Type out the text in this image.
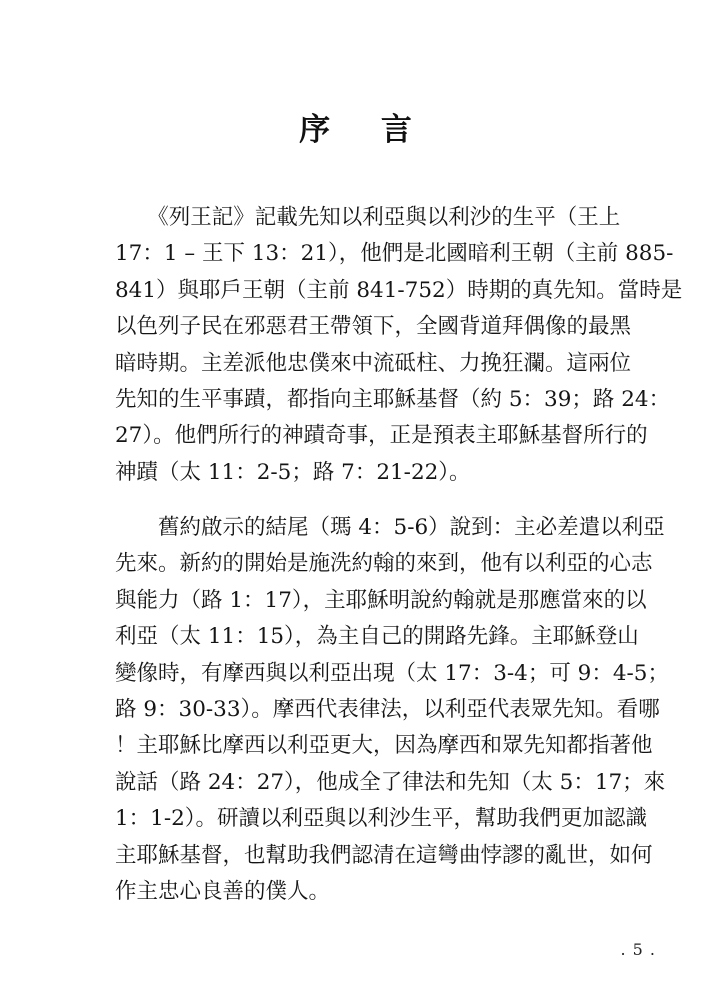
序 言
　　《列王記》記載先知以利亞與以利沙的生平（王上
17：1 – 王下 13：21），他們是北國暗利王朝（主前 885-
841）與耶戶王朝（主前 841-752）時期的真先知。當時是
以色列子民在邪惡君王帶領下，全國背道拜偶像的最黑
暗時期。主差派他忠僕來中流砥柱、力挽狂瀾。這兩位
先知的生平事蹟，都指向主耶穌基督（約 5：39；路 24：
27）。他們所行的神蹟奇事，正是預表主耶穌基督所行的
神蹟（太 11：2-5；路 7：21-22）。
　　舊約啟示的結尾（瑪 4：5-6）說到：主必差遣以利亞
先來。新約的開始是施洗約翰的來到，他有以利亞的心志
與能力（路 1：17），主耶穌明說約翰就是那應當來的以
利亞（太 11：15），為主自己的開路先鋒。主耶穌登山
變像時，有摩西與以利亞出現（太 17：3-4；可 9：4-5；
路 9：30-33）。摩西代表律法，以利亞代表眾先知。看哪
！主耶穌比摩西以利亞更大，因為摩西和眾先知都指著他
說話（路 24：27），他成全了律法和先知（太 5：17；來
1：1-2）。研讀以利亞與以利沙生平，幫助我們更加認識
主耶穌基督，也幫助我們認清在這彎曲悖謬的亂世，如何
作主忠心良善的僕人。
. 5 .
